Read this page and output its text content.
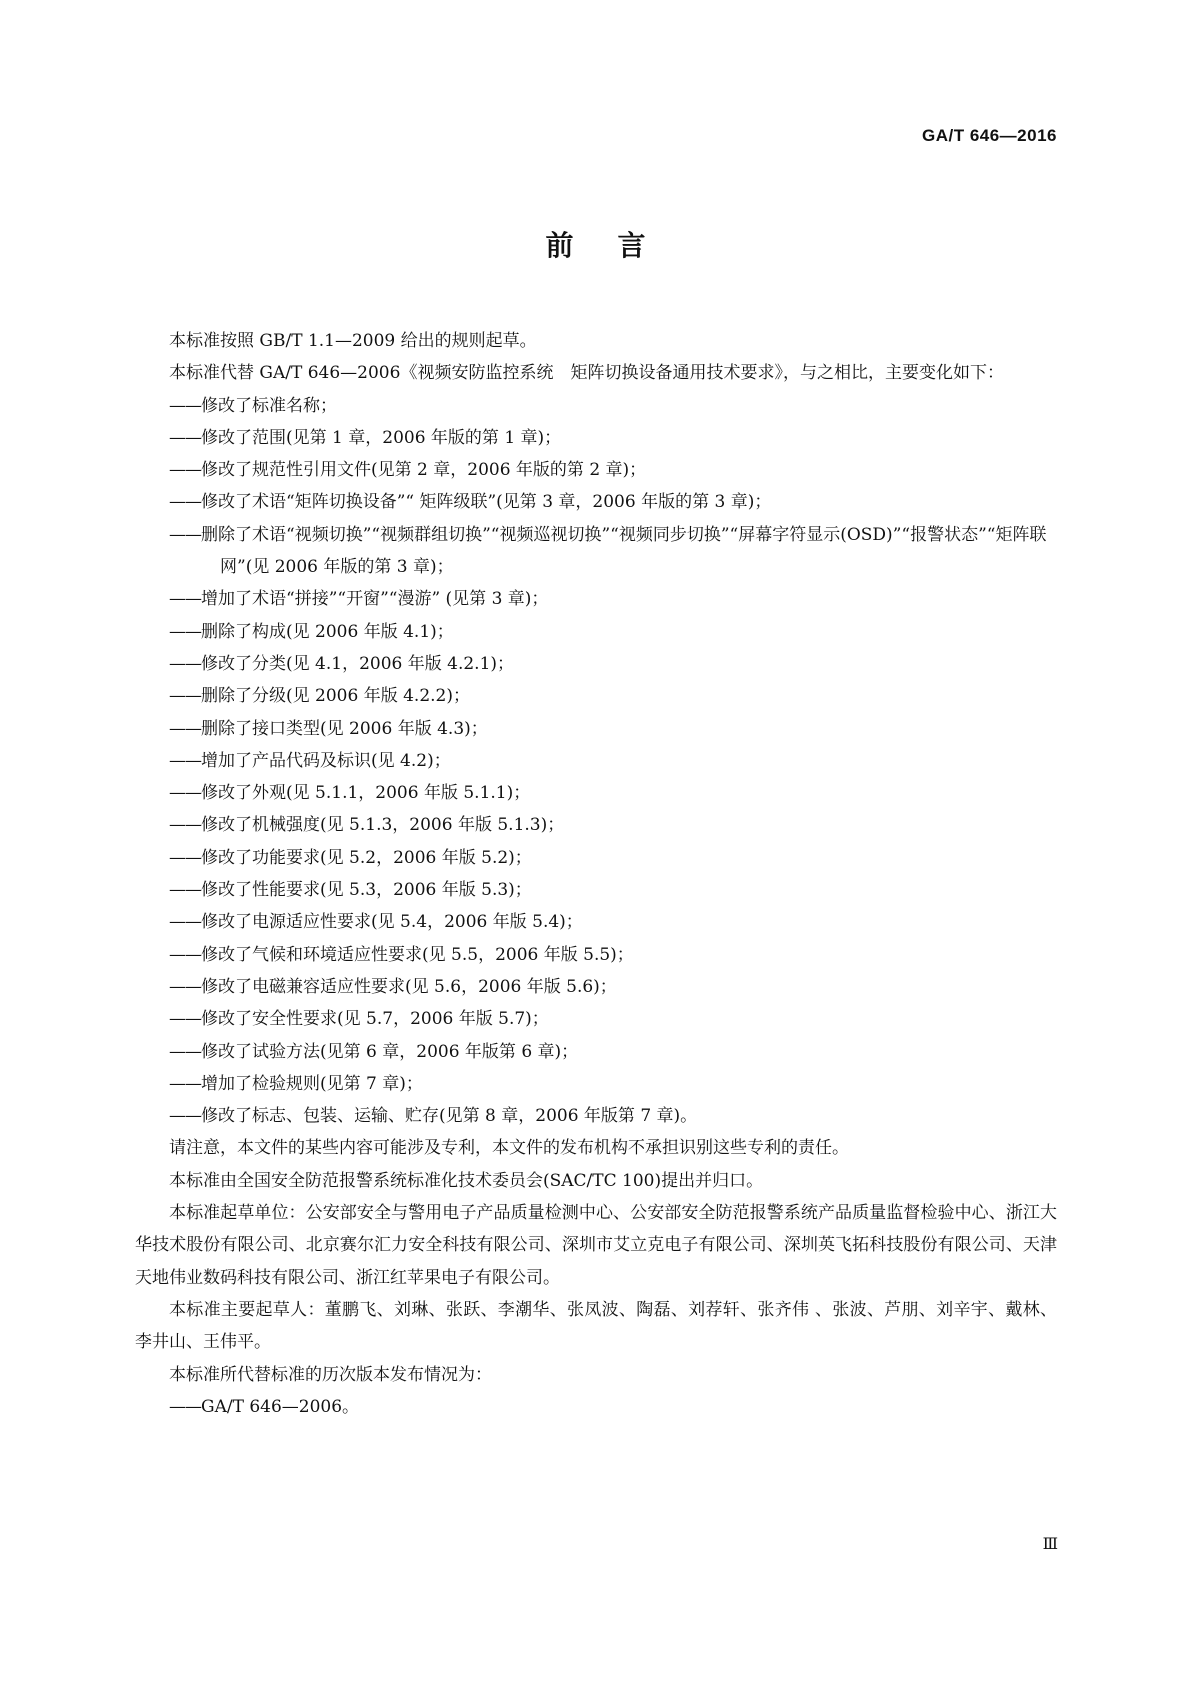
GA/T 646—2016
前言

本标准按照 GB/T 1.1—2009 给出的规则起草。

本标准代替 GA/T 646—2006《视频安防监控系统　矩阵切换设备通用技术要求》，与之相比，主要变化如下：

——修改了标准名称；
——修改了范围(见第 1 章，2006 年版的第 1 章)；
——修改了规范性引用文件(见第 2 章，2006 年版的第 2 章)；
——修改了术语“矩阵切换设备”“ 矩阵级联”(见第 3 章，2006 年版的第 3 章)；
——删除了术语“视频切换”“视频群组切换”“视频巡视切换”“视频同步切换”“屏幕字符显示(OSD)”“报警状态”“矩阵联网”(见 2006 年版的第 3 章)；
——增加了术语“拼接”“开窗”“漫游” (见第 3 章)；
——删除了构成(见 2006 年版 4.1)；
——修改了分类(见 4.1，2006 年版 4.2.1)；
——删除了分级(见 2006 年版 4.2.2)；
——删除了接口类型(见 2006 年版 4.3)；
——增加了产品代码及标识(见 4.2)；
——修改了外观(见 5.1.1，2006 年版 5.1.1)；
——修改了机械强度(见 5.1.3，2006 年版 5.1.3)；
——修改了功能要求(见 5.2，2006 年版 5.2)；
——修改了性能要求(见 5.3，2006 年版 5.3)；
——修改了电源适应性要求(见 5.4，2006 年版 5.4)；
——修改了气候和环境适应性要求(见 5.5，2006 年版 5.5)；
——修改了电磁兼容适应性要求(见 5.6，2006 年版 5.6)；
——修改了安全性要求(见 5.7，2006 年版 5.7)；
——修改了试验方法(见第 6 章，2006 年版第 6 章)；
——增加了检验规则(见第 7 章)；
——修改了标志、包装、运输、贮存(见第 8 章，2006 年版第 7 章)。

请注意，本文件的某些内容可能涉及专利，本文件的发布机构不承担识别这些专利的责任。

本标准由全国安全防范报警系统标准化技术委员会(SAC/TC 100)提出并归口。

本标准起草单位：公安部安全与警用电子产品质量检测中心、公安部安全防范报警系统产品质量监督检验中心、浙江大华技术股份有限公司、北京赛尔汇力安全科技有限公司、深圳市艾立克电子有限公司、深圳英飞拓科技股份有限公司、天津天地伟业数码科技有限公司、浙江红苹果电子有限公司。

本标准主要起草人：董鹏飞、刘琳、张跃、李潮华、张凤波、陶磊、刘荐轩、张齐伟 、张波、芦朋、刘辛宇、戴林、李井山、王伟平。

本标准所代替标准的历次版本发布情况为：

——GA/T 646—2006。
Ⅲ
